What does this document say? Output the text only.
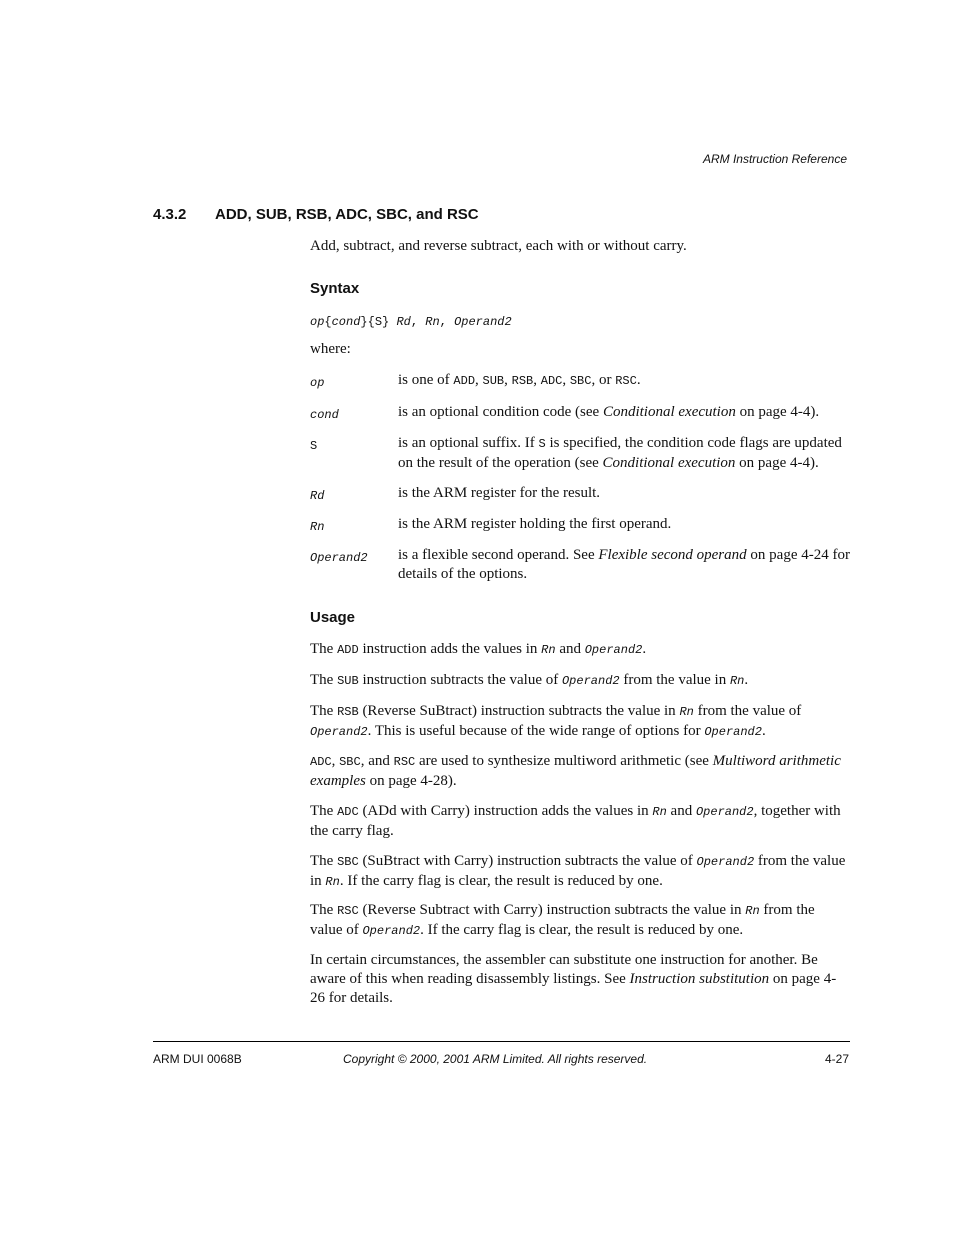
ARM Instruction Reference
4.3.2 ADD, SUB, RSB, ADC, SBC, and RSC

Add, subtract, and reverse subtract, each with or without carry.

Syntax
op{cond}{S} Rd, Rn, Operand2

where:

op	is one of ADD, SUB, RSB, ADC, SBC, or RSC.

cond	is an optional condition code (see Conditional execution on page 4-4).

S	is an optional suffix. If S is specified, the condition code flags are updated on the result of the operation (see Conditional execution on page 4-4).

Rd	is the ARM register for the result.

Rn	is the ARM register holding the first operand.

Operand2 is a flexible second operand. See Flexible second operand on page 4-24 for details of the options.

Usage

The ADD instruction adds the values in Rn and Operand2.

The SUB instruction subtracts the value of Operand2 from the value in Rn.

The RSB (Reverse SuBtract) instruction subtracts the value in Rn from the value of Operand2. This is useful because of the wide range of options for Operand2.

ADC, SBC, and RSC are used to synthesize multiword arithmetic (see Multiword arithmetic examples on page 4-28).

The ADC (ADd with Carry) instruction adds the values in Rn and Operand2, together with the carry flag.

The SBC (SuBtract with Carry) instruction subtracts the value of Operand2 from the value in Rn. If the carry flag is clear, the result is reduced by one.

The RSC (Reverse Subtract with Carry) instruction subtracts the value in Rn from the value of Operand2. If the carry flag is clear, the result is reduced by one.

In certain circumstances, the assembler can substitute one instruction for another. Be aware of this when reading disassembly listings. See Instruction substitution on page 4-26 for details.

ARM DUI 0068B	Copyright © 2000, 2001 ARM Limited. All rights reserved.	4-27
